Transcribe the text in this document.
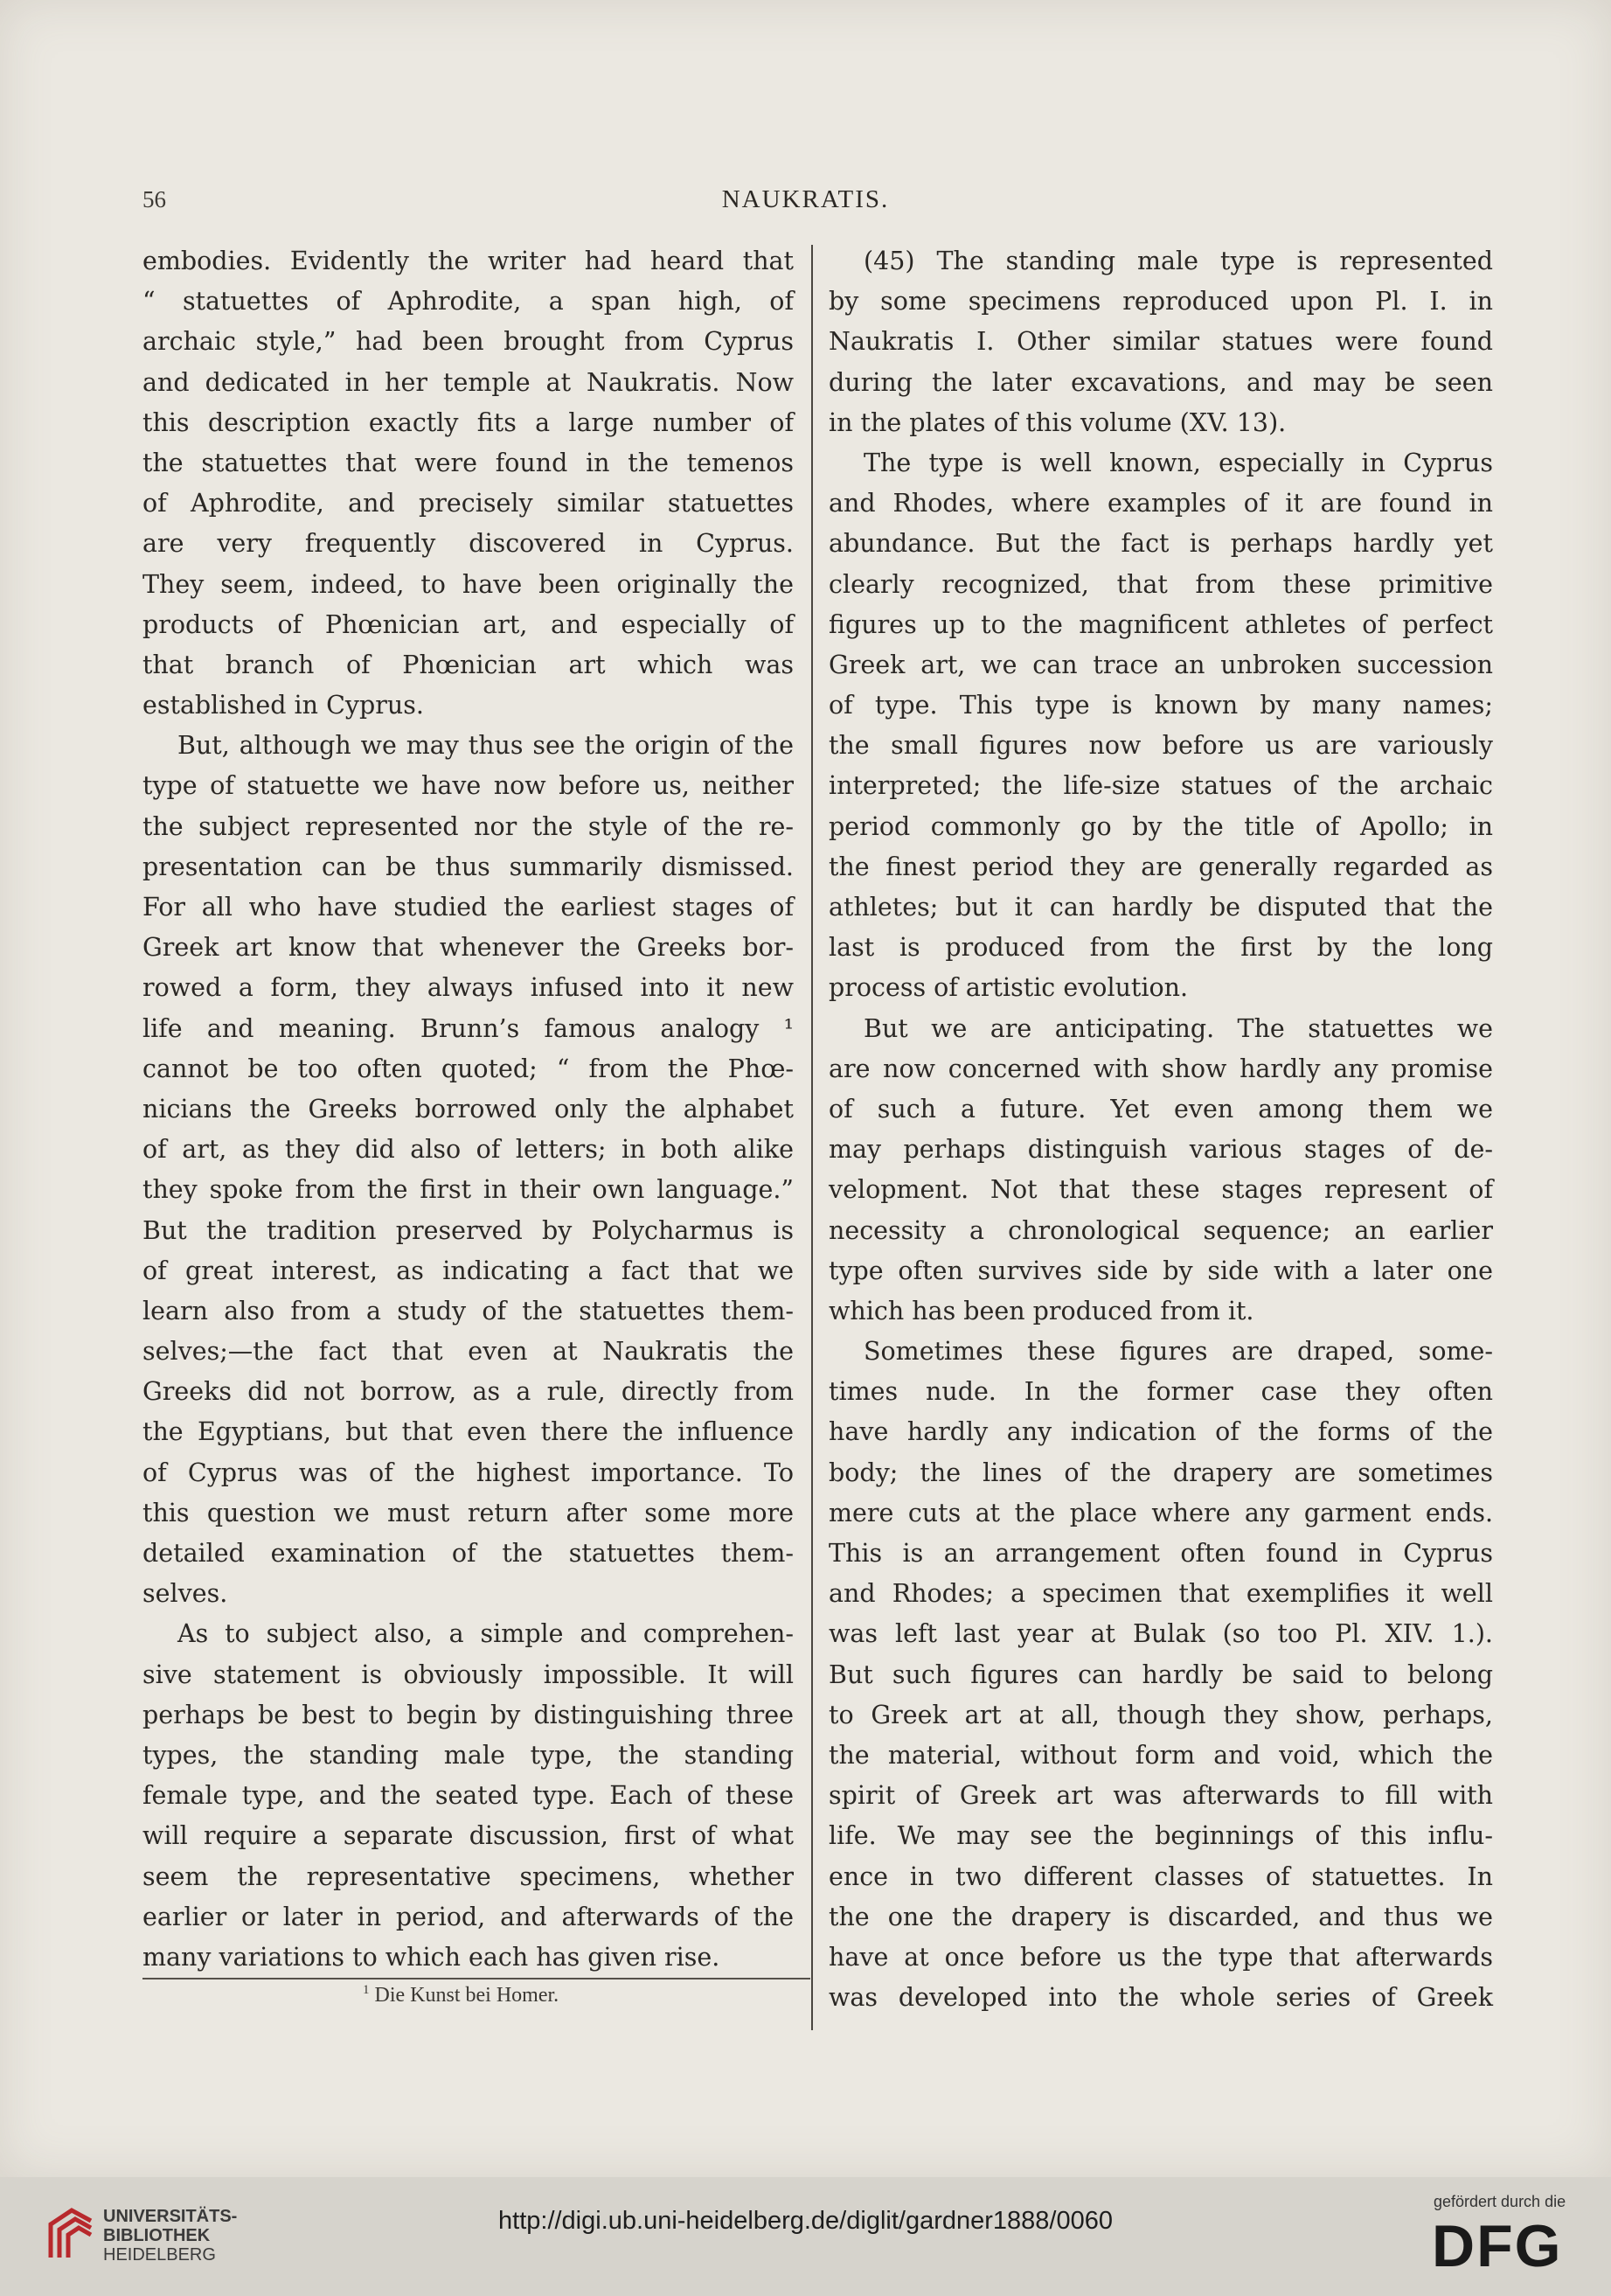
56	NAUKRATIS.
embodies. Evidently the writer had heard that
“ statuettes of Aphrodite, a span high, of
archaic style,” had been brought from Cyprus
and dedicated in her temple at Naukratis. Now
this description exactly fits a large number of
the statuettes that were found in the temenos
of Aphrodite, and precisely similar statuettes
are very frequently discovered in Cyprus.
They seem, indeed, to have been originally the
products of Phœnician art, and especially of
that branch of Phœnician art which was
established in Cyprus.
But, although we may thus see the origin of the
type of statuette we have now before us, neither
the subject represented nor the style of the re-
presentation can be thus summarily dismissed.
For all who have studied the earliest stages of
Greek art know that whenever the Greeks bor-
rowed a form, they always infused into it new
life and meaning. Brunn’s famous analogy ¹
cannot be too often quoted; “ from the Phœ-
nicians the Greeks borrowed only the alphabet
of art, as they did also of letters; in both alike
they spoke from the first in their own language.”
But the tradition preserved by Polycharmus is
of great interest, as indicating a fact that we
learn also from a study of the statuettes them-
selves;—the fact that even at Naukratis the
Greeks did not borrow, as a rule, directly from
the Egyptians, but that even there the influence
of Cyprus was of the highest importance. To
this question we must return after some more
detailed examination of the statuettes them-
selves.
As to subject also, a simple and comprehen-
sive statement is obviously impossible. It will
perhaps be best to begin by distinguishing three
types, the standing male type, the standing
female type, and the seated type. Each of these
will require a separate discussion, first of what
seem the representative specimens, whether
earlier or later in period, and afterwards of the
many variations to which each has given rise.
(45) The standing male type is represented
by some specimens reproduced upon Pl. I. in
Naukratis I. Other similar statues were found
during the later excavations, and may be seen
in the plates of this volume (XV. 13).
The type is well known, especially in Cyprus
and Rhodes, where examples of it are found in
abundance. But the fact is perhaps hardly yet
clearly recognized, that from these primitive
figures up to the magnificent athletes of perfect
Greek art, we can trace an unbroken succession
of type. This type is known by many names;
the small figures now before us are variously
interpreted; the life-size statues of the archaic
period commonly go by the title of Apollo; in
the finest period they are generally regarded as
athletes; but it can hardly be disputed that the
last is produced from the first by the long
process of artistic evolution.
But we are anticipating. The statuettes we
are now concerned with show hardly any promise
of such a future. Yet even among them we
may perhaps distinguish various stages of de-
velopment. Not that these stages represent of
necessity a chronological sequence; an earlier
type often survives side by side with a later one
which has been produced from it.
Sometimes these figures are draped, some-
times nude. In the former case they often
have hardly any indication of the forms of the
body; the lines of the drapery are sometimes
mere cuts at the place where any garment ends.
This is an arrangement often found in Cyprus
and Rhodes; a specimen that exemplifies it well
was left last year at Bulak (so too Pl. XIV. 1.).
But such figures can hardly be said to belong
to Greek art at all, though they show, perhaps,
the material, without form and void, which the
spirit of Greek art was afterwards to fill with
life. We may see the beginnings of this influ-
ence in two different classes of statuettes. In
the one the drapery is discarded, and thus we
have at once before us the type that afterwards
was developed into the whole series of Greek
$^1$ Die Kunst bei Homer.
UNIVERSITÄTS-
BIBLIOTHEK
HEIDELBERG
http://digi.ub.uni-heidelberg.de/diglit/gardner1888/0060
gefördert durch die
DFG
